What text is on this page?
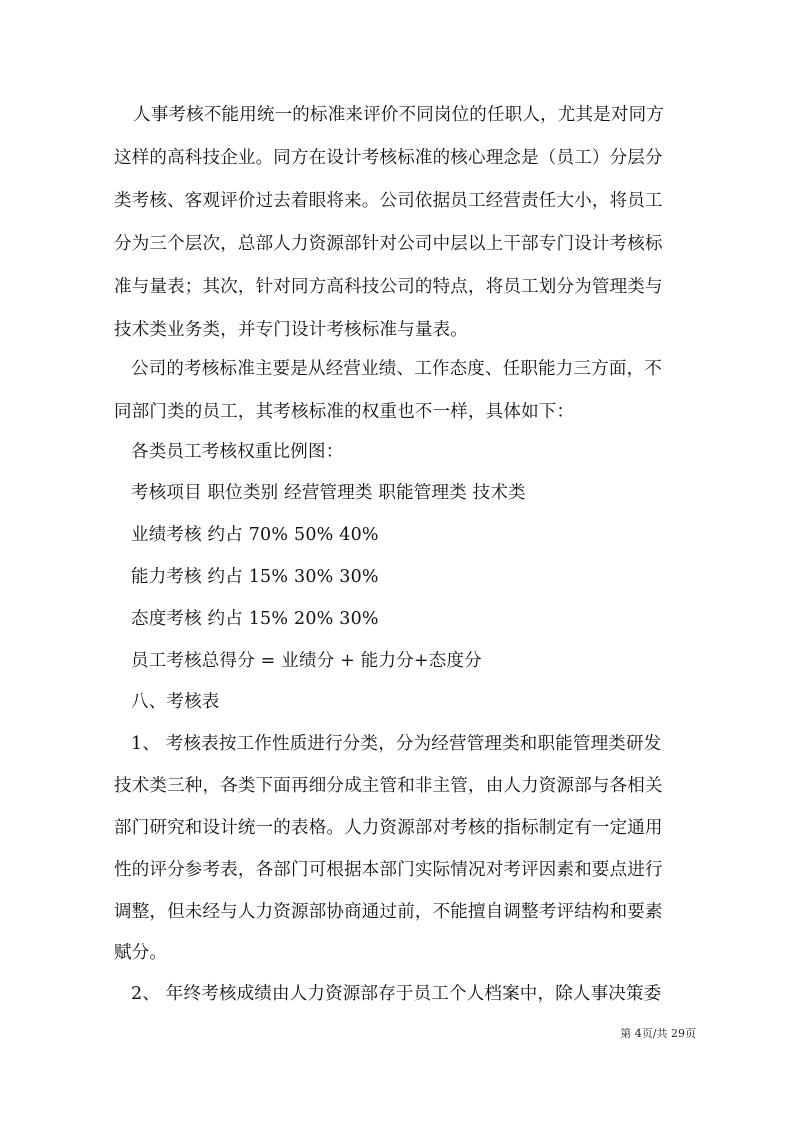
人事考核不能用统一的标准来评价不同岗位的任职人，尤其是对同方
这样的高科技企业。同方在设计考核标准的核心理念是（员工）分层分
类考核、客观评价过去着眼将来。公司依据员工经营责任大小，将员工
分为三个层次，总部人力资源部针对公司中层以上干部专门设计考核标
准与量表；其次，针对同方高科技公司的特点，将员工划分为管理类与
技术类业务类，并专门设计考核标准与量表。
公司的考核标准主要是从经营业绩、工作态度、任职能力三方面，不
同部门类的员工，其考核标准的权重也不一样，具体如下：
各类员工考核权重比例图：
考核项目 职位类别 经营管理类 职能管理类 技术类
业绩考核 约占 70% 50% 40%
能力考核 约占 15% 30% 30%
态度考核 约占 15% 20% 30%
员工考核总得分 = 业绩分 + 能力分+态度分
八、考核表
1、 考核表按工作性质进行分类，分为经营管理类和职能管理类研发
技术类三种，各类下面再细分成主管和非主管，由人力资源部与各相关
部门研究和设计统一的表格。人力资源部对考核的指标制定有一定通用
性的评分参考表，各部门可根据本部门实际情况对考评因素和要点进行
调整，但未经与人力资源部协商通过前，不能擅自调整考评结构和要素
赋分。
2、 年终考核成绩由人力资源部存于员工个人档案中，除人事决策委
第 4页/共 29页
